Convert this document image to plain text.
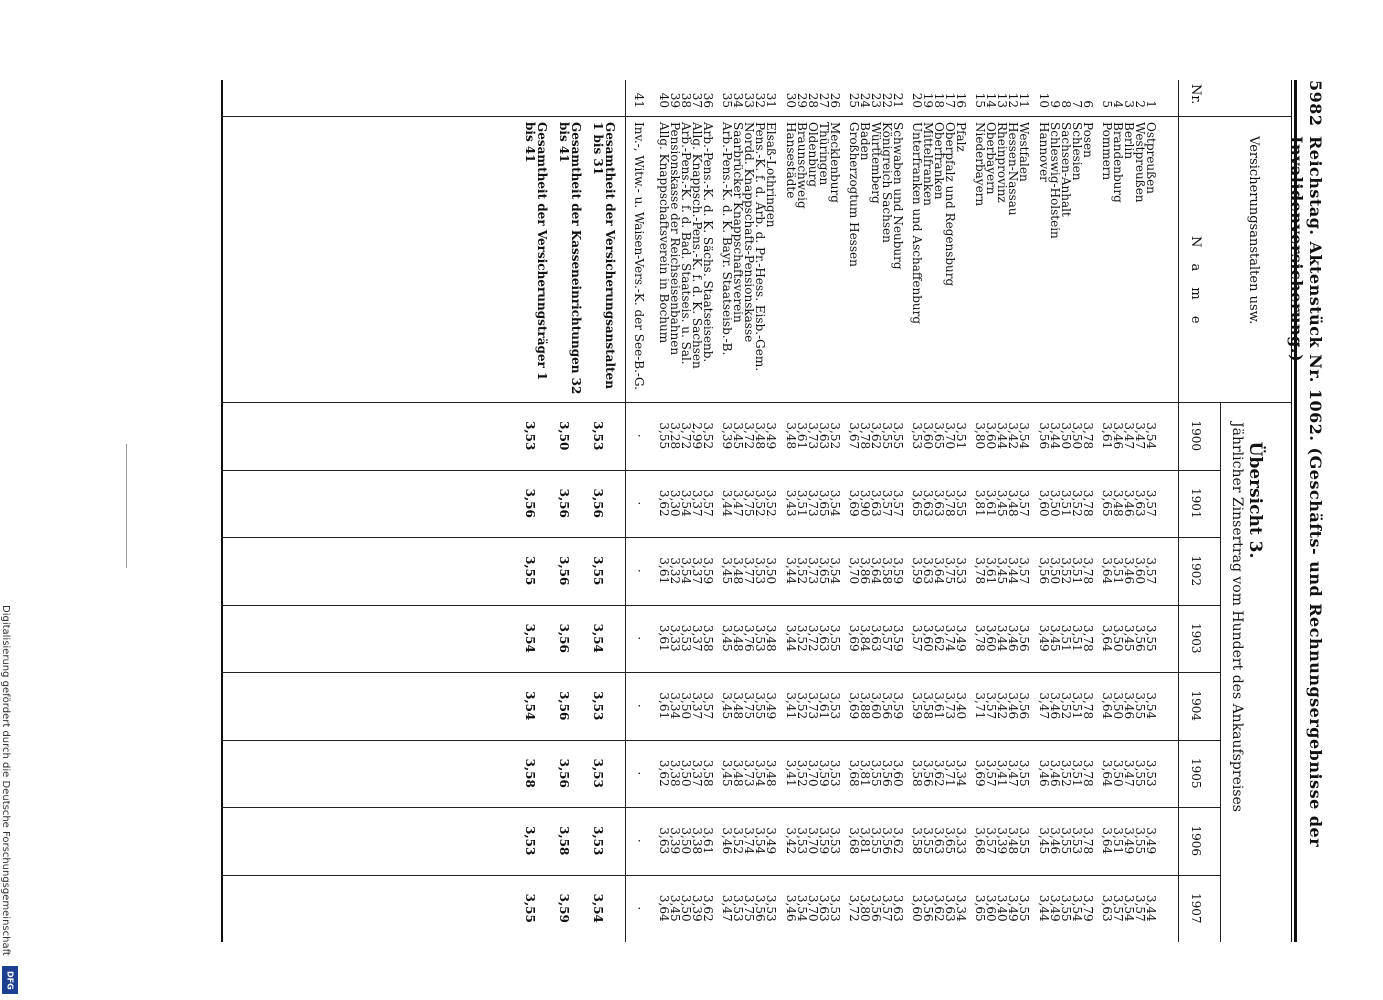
5982
Reichstag. Aktenstück Nr. 1062. (Geschäfts- und Rechnungsergebnisse der Invalidenversicherung.)
Übersicht 3.
Nr.
Versicherungsanstalten usw.
N a m e
Jährlicher Zinsertrag vom Hundert des Ankaufspreises
1900
1901
1902
1903
1904
1905
1906
1907
1
Ostpreußen
3,54
3,57
3,57
3,55
3,54
3,53
3,49
3,44
2
Westpreußen
3,47
3,63
3,60
3,56
3,55
3,55
3,55
3,57
3
Berlin
3,47
3,46
3,46
3,45
3,46
3,47
3,49
3,54
4
Brandenburg
3,46
3,48
3,51
3,50
3,50
3,50
3,51
3,57
5
Pommern
3,61
3,65
3,64
3,64
3,64
3,64
3,64
3,63
6
Posen
3,78
3,78
3,78
3,78
3,78
3,78
3,78
3,79
7
Schlesien
3,50
3,52
3,51
3,51
3,51
3,51
3,53
3,54
8
Sachsen-Anhalt
3,50
3,51
3,52
3,51
3,52
3,52
3,55
3,55
9
Schleswig-Holstein
3,44
3,50
3,50
3,45
3,46
3,46
3,46
3,49
10
Hannover
3,56
3,60
3,56
3,49
3,47
3,46
3,45
3,44
11
Westfalen
3,54
3,57
3,57
3,56
3,56
3,55
3,55
3,55
12
Hessen-Nassau
3,42
3,48
3,44
3,46
3,46
3,47
3,48
3,49
13
Rheinprovinz
3,44
3,45
3,45
3,44
3,42
3,41
3,39
3,40
14
Oberbayern
3,60
3,61
3,61
3,60
3,57
3,57
3,57
3,60
15
Niederbayern
3,80
3,81
3,78
3,78
3,71
3,69
3,68
3,65
16
Pfalz
3,51
3,55
3,53
3,49
3,40
3,34
3,33
3,34
17
Oberpfalz und Regensburg
3,70
3,78
3,75
3,74
3,73
3,71
3,65
3,63
18
Oberfranken
3,65
3,63
3,64
3,62
3,61
3,62
3,63
3,62
19
Mittelfranken
3,60
3,63
3,63
3,60
3,58
3,56
3,55
3,56
20
Unterfranken und Aschaffenburg
3,53
3,65
3,59
3,57
3,59
3,58
3,58
3,60
21
Schwaben und Neuburg
3,55
3,57
3,59
3,59
3,59
3,60
3,62
3,63
22
Königreich Sachsen
3,55
3,57
3,58
3,57
3,56
3,56
3,56
3,57
23
Württemberg
3,62
3,63
3,64
3,63
3,60
3,55
3,55
3,56
24
Baden
3,78
3,90
3,86
3,84
3,88
3,81
3,81
3,80
25
Großherzogtum Hessen
3,67
3,69
3,70
3,69
3,69
3,68
3,68
3,72
26
Mecklenburg
3,52
3,54
3,54
3,55
3,53
3,53
3,53
3,53
27
Thüringen
3,63
3,65
3,65
3,63
3,61
3,59
3,59
3,63
28
Oldenburg
3,73
3,73
3,73
3,72
3,73
3,70
3,70
3,70
29
Braunschweig
3,61
3,51
3,52
3,52
3,52
3,52
3,53
3,54
30
Hansestädte
3,48
3,43
3,44
3,44
3,41
3,41
3,42
3,46
31
Elsaß-Lothringen
3,49
3,52
3,50
3,48
3,49
3,48
3,49
3,53
32
Pens.-K. f. d. Arb. d. Pr.-Hess. Eisb.-Gem.
3,48
3,52
3,53
3,53
3,55
3,54
3,54
3,56
33
Nordd. Knappschafts-Pensionskasse
3,72
3,75
3,77
3,76
3,75
3,73
3,74
3,75
34
Saarbrücker Knappschaftsverein
3,45
3,47
3,48
3,48
3,48
3,48
3,52
3,53
35
Arb.-Pens.-K. d. K. Bayr. Staatseisb.-B.
3,39
3,44
3,45
3,45
3,45
3,45
3,46
3,47
36
Arb.-Pens.-K. d. K. Sächs. Staatseisenb.
3,52
3,57
3,59
3,58
3,57
3,58
3,61
3,62
37
Allg. Knappsch.-Pens.-K. f. d. K. Sachsen
2,99
3,37
3,37
3,37
3,37
3,37
3,38
3,39
38
Arb.-Pens.-K. f. d. Bad. Staatseis. u. Sal.
3,72
3,54
3,54
3,53
3,50
3,50
3,50
3,50
39
Pensionskasse der Reichseisenbahnen
3,28
3,30
3,32
3,33
3,34
3,38
3,39
3,45
40
Allg. Knappschaftsverein in Bochum
3,55
3,62
3,61
3,61
3,61
3,62
3,63
3,64
41
Inv.-, Witw.- u. Waisen-Vers.-K. der See-B.-G.
·
·
·
·
·
·
·
·
Gesamtheit der Versicherungsanstalten 1 bis 31
3,53
3,56
3,55
3,54
3,53
3,53
3,53
3,54
Gesamtheit der Kasseneinrichtungen 32 bis 41
3,50
3,56
3,56
3,56
3,56
3,56
3,58
3,59
Gesamtheit der Versicherungsträger 1 bis 41
3,53
3,56
3,55
3,54
3,54
3,58
3,53
3,55
Digitalisierung gefördert durch die Deutsche Forschungsgemeinschaft
DFG
